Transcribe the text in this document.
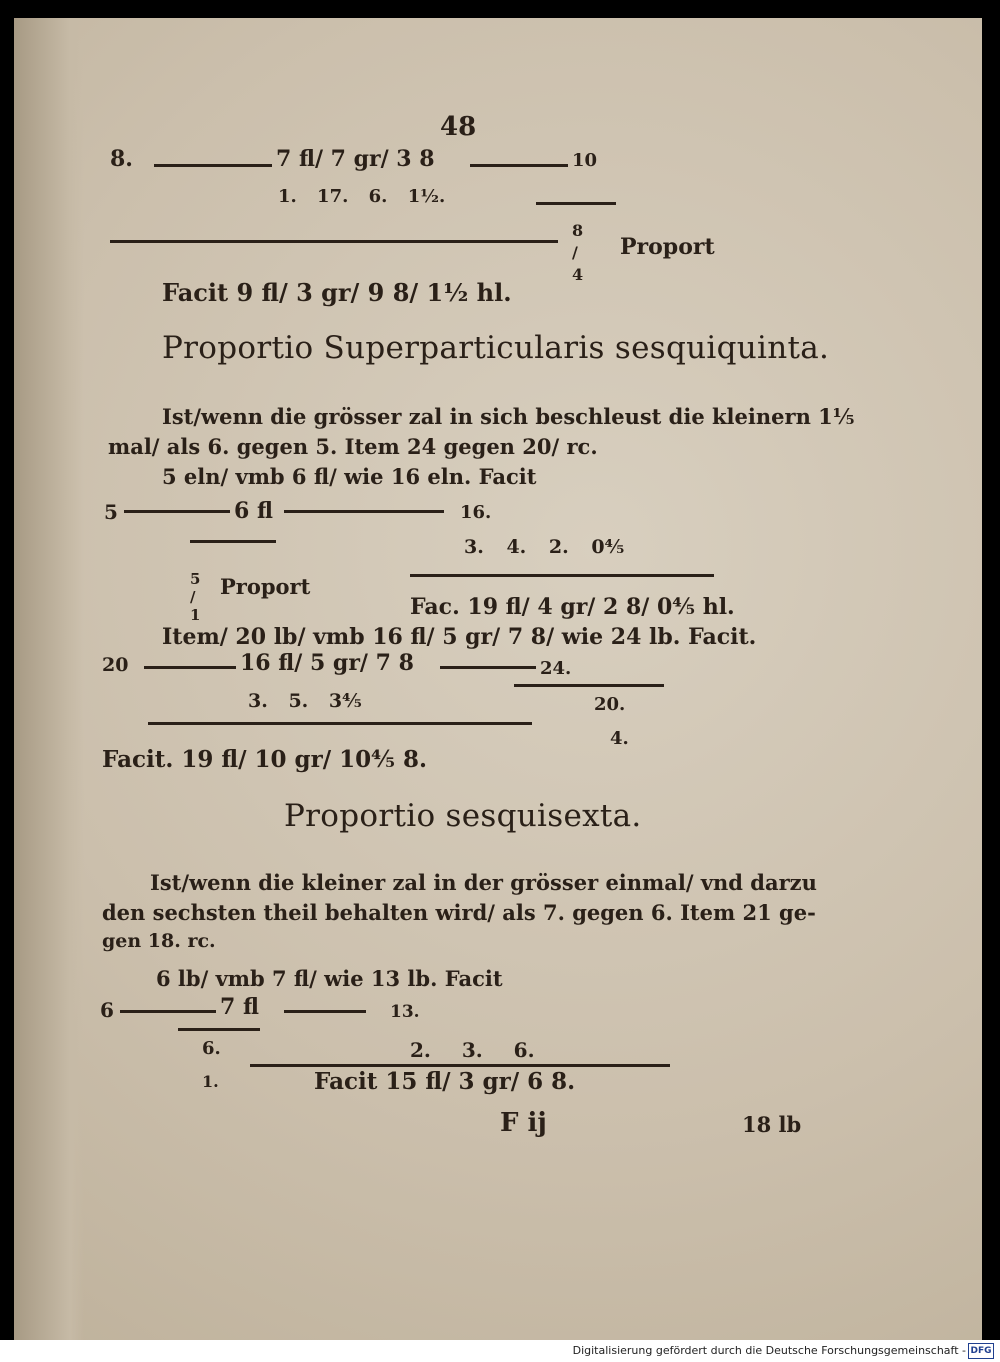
48
8.	7 fl/ 7 gr/ 3 8	10
1. 17. 6. 1½.
8 / 4
Proport
Facit 9 fl/ 3 gr/ 9 8/ 1½ hl.
Proportio Superparticularis sesquiquinta.
Ist/wenn die grösser zal in sich beschleust die kleinern 1⅕
mal/ als 6. gegen 5. Item 24 gegen 20/ rc.
5 eln/ vmb 6 fl/ wie 16 eln. Facit
5	6 fl	16.
3. 4. 2. 0⅘
5 / 1
Proport
Fac. 19 fl/ 4 gr/ 2 8/ 0⅘ hl.
Item/ 20 lb/ vmb 16 fl/ 5 gr/ 7 8/ wie 24 lb. Facit.
20	16 fl/ 5 gr/ 7 8	24.
3. 5. 3⅘	20.
4.
Facit. 19 fl/ 10 gr/ 10⅘ 8.
Proportio sesquisexta.
Ist/wenn die kleiner zal in der grösser einmal/ vnd darzu
den sechsten theil behalten wird/ als 7. gegen 6. Item 21 ge-
gen 18. rc.
6 lb/ vmb 7 fl/ wie 13 lb. Facit
6	7 fl	13.
6.	2. 3. 6.
1.	Facit 15 fl/ 3 gr/ 6 8.
F ij	18 lb
Digitalisierung gefördert durch die Deutsche Forschungsgemeinschaft - DFG
